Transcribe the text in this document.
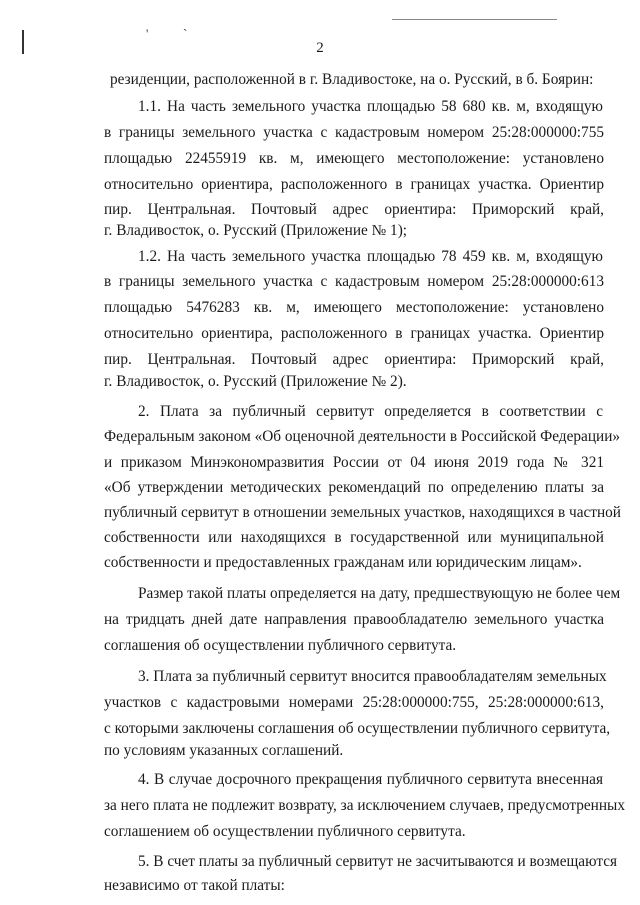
'	ˋ
2
резиденции, расположенной в г. Владивостоке, на о. Русский, в б. Боярин:
1.1. На часть земельного участка площадью 58 680 кв. м, входящую
в границы земельного участка с кадастровым номером 25:28:000000:755
площадью 22455919 кв. м, имеющего местоположение: установлено
относительно ориентира, расположенного в границах участка. Ориентир
пир. Центральная. Почтовый адрес ориентира: Приморский край,
г. Владивосток, о. Русский (Приложение № 1);
1.2. На часть земельного участка площадью 78 459 кв. м, входящую
в границы земельного участка с кадастровым номером 25:28:000000:613
площадью 5476283 кв. м, имеющего местоположение: установлено
относительно ориентира, расположенного в границах участка. Ориентир
пир. Центральная. Почтовый адрес ориентира: Приморский край,
г. Владивосток, о. Русский (Приложение № 2).
2. Плата за публичный сервитут определяется в соответствии с
Федеральным законом «Об оценочной деятельности в Российской Федерации»
и приказом Минэкономразвития России от 04 июня 2019 года № 321
«Об утверждении методических рекомендаций по определению платы за
публичный сервитут в отношении земельных участков, находящихся в частной
собственности или находящихся в государственной или муниципальной
собственности и предоставленных гражданам или юридическим лицам».
Размер такой платы определяется на дату, предшествующую не более чем
на тридцать дней дате направления правообладателю земельного участка
соглашения об осуществлении публичного сервитута.
3. Плата за публичный сервитут вносится правообладателям земельных
участков с кадастровыми номерами 25:28:000000:755, 25:28:000000:613,
с которыми заключены соглашения об осуществлении публичного сервитута,
по условиям указанных соглашений.
4. В случае досрочного прекращения публичного сервитута внесенная
за него плата не подлежит возврату, за исключением случаев, предусмотренных
соглашением об осуществлении публичного сервитута.
5. В счет платы за публичный сервитут не засчитываются и возмещаются
независимо от такой платы:
